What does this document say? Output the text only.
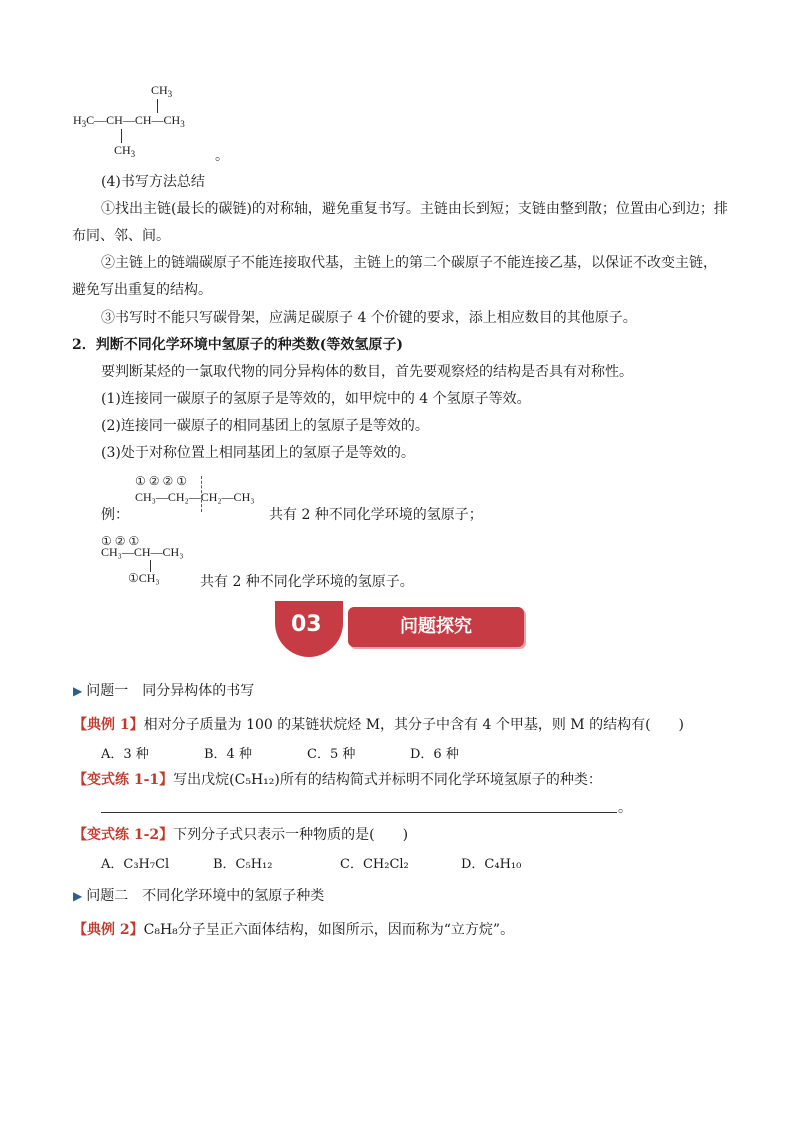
$CH_3$
$H_3C—CH—CH—CH_3$
$CH_3$	。
(4)书写方法总结
①找出主链(最长的碳链)的对称轴，避免重复书写。主链由长到短；支链由整到散；位置由心到边；排
布同、邻、间。
②主链上的链端碳原子不能连接取代基，主链上的第二个碳原子不能连接乙基，以保证不改变主链，
避免写出重复的结构。
③书写时不能只写碳骨架，应满足碳原子 4 个价键的要求，添上相应数目的其他原子。
2．判断不同化学环境中氢原子的种类数(等效氢原子)
要判断某烃的一氯取代物的同分异构体的数目，首先要观察烃的结构是否具有对称性。
(1)连接同一碳原子的氢原子是等效的，如甲烷中的 4 个氢原子等效。
(2)连接同一碳原子的相同基团上的氢原子是等效的。
(3)处于对称位置上相同基团上的氢原子是等效的。
① ② ② ①
CH₃—CH₂—CH₂—CH₃
例：	共有 2 种不同化学环境的氢原子；
① ② ①
CH₃—CH—CH₃
①CH₃	共有 2 种不同化学环境的氢原子。
03	问题探究
▶ 问题一　同分异构体的书写
【典例 1】相对分子质量为 100 的某链状烷烃 M，其分子中含有 4 个甲基，则 M 的结构有(　　)
A．3 种	B．4 种	C．5 种	D．6 种
【变式练 1-1】写出戊烷(C₅H₁₂)所有的结构简式并标明不同化学环境氢原子的种类：
。
【变式练 1-2】下列分子式只表示一种物质的是(　　)
A．C₃H₇Cl	B．C₅H₁₂	C．CH₂Cl₂	D．C₄H₁₀
▶ 问题二　不同化学环境中的氢原子种类
【典例 2】C₈H₈分子呈正六面体结构，如图所示，因而称为“立方烷”。
